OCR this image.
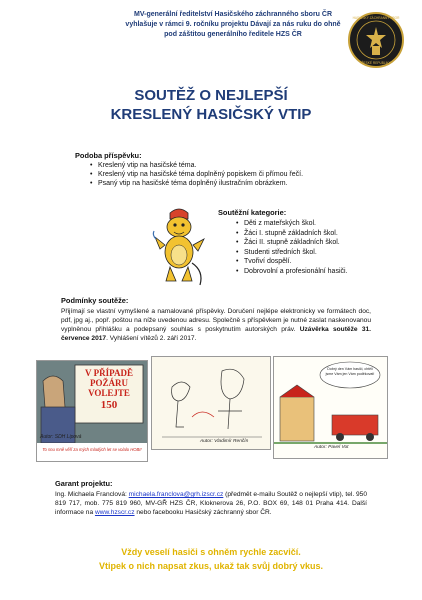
MV-generální ředitelství Hasičského záchranného sboru ČR
vyhlašuje v rámci 9. ročníku projektu Dávají za nás ruku do ohně
pod záštitou generálního ředitele HZS ČR
HASIČSKÝ ZÁCHRANNÝ SBOR
ČESKÉ REPUBLIKY
SOUTĚŽ O NEJLEPŠÍ
KRESLENÝ HASIČSKÝ VTIP
Podoba příspěvku:
• Kreslený vtip na hasičské téma.
• Kreslený vtip na hasičské téma doplněný popiskem či přímou řečí.
• Psaný vtip na hasičské téma doplněný ilustračním obrázkem.
Soutěžní kategorie:
• Děti z mateřských škol.
• Žáci I. stupně základních škol.
• Žáci II. stupně základních škol.
• Studenti středních škol.
• Tvořiví dospělí.
• Dobrovolní a profesionální hasiči.
Podmínky soutěže:
Přijímají se vlastní vymyšlené a namalované příspěvky. Doručení nejlépe elektronicky ve formátech doc, pdf, jpg aj., popř. poštou na níže uvedenou adresu. Společně s příspěvkem je nutné zaslat naskenovanou vyplněnou přihlášku a podepsaný souhlas s poskytnutím autorských práv. Uzávěrka soutěže 31. července 2017. Vyhlášení vítězů 2. září 2017.
V PŘÍPADĚ
POŽÁRU
VOLEJTE
150
Autor: SDH Lipová
To snu mně věří za mých mladých let se volalo HOBI!
Autor: Vladimír Renčín
Dobrý den Vám hasiči, chtěli jsme Vám jen Vám poděkovat!
Autor: Pavel Vot
Garant projektu:
Ing. Michaela Franclová: michaela.franclova@grh.izscr.cz (předmět e-mailu Soutěž o nejlepší vtip), tel. 950 819 717, mob. 775 819 960, MV-GŘ HZS ČR, Kloknerova 26, P.O. BOX 69, 148 01 Praha 414. Další informace na www.hzscr.cz nebo facebooku Hasičský záchranný sbor ČR.
Vždy veselí hasiči s ohněm rychle zacvičí.
Vtipek o nich napsat zkus, ukaž tak svůj dobrý vkus.
